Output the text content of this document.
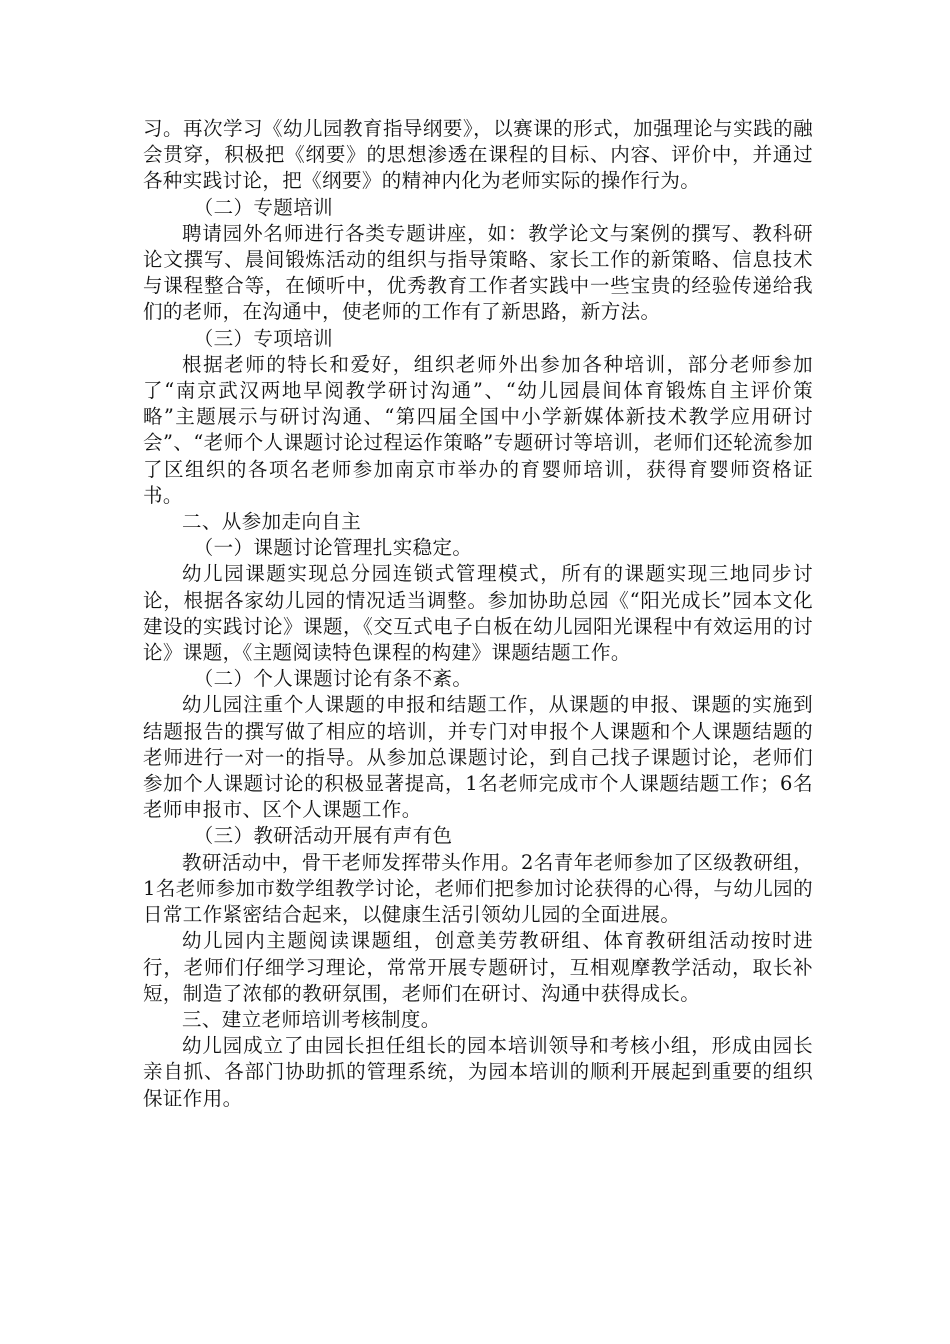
习。再次学习《幼儿园教育指导纲要》，以赛课的形式，加强理论与实践的融会贯穿，积极把《纲要》的思想渗透在课程的目标、内容、评价中，并通过各种实践讨论，把《纲要》的精神内化为老师实际的操作行为。

（二）专题培训

聘请园外名师进行各类专题讲座，如：教学论文与案例的撰写、教科研论文撰写、晨间锻炼活动的组织与指导策略、家长工作的新策略、信息技术与课程整合等，在倾听中，优秀教育工作者实践中一些宝贵的经验传递给我们的老师，在沟通中，使老师的工作有了新思路，新方法。

（三）专项培训

根据老师的特长和爱好，组织老师外出参加各种培训，部分老师参加了“南京武汉两地早阅教学研讨沟通”、“幼儿园晨间体育锻炼自主评价策略”主题展示与研讨沟通、“第四届全国中小学新媒体新技术教学应用研讨会”、“老师个人课题讨论过程运作策略”专题研讨等培训，老师们还轮流参加了区组织的各项名老师参加南京市举办的育婴师培训，获得育婴师资格证书。

二、从参加走向自主

（一）课题讨论管理扎实稳定。

幼儿园课题实现总分园连锁式管理模式，所有的课题实现三地同步讨论，根据各家幼儿园的情况适当调整。参加协助总园《“阳光成长”园本文化建设的实践讨论》课题，《交互式电子白板在幼儿园阳光课程中有效运用的讨论》课题，《主题阅读特色课程的构建》课题结题工作。

（二）个人课题讨论有条不紊。

幼儿园注重个人课题的申报和结题工作，从课题的申报、课题的实施到结题报告的撰写做了相应的培训，并专门对申报个人课题和个人课题结题的老师进行一对一的指导。从参加总课题讨论，到自己找子课题讨论，老师们参加个人课题讨论的积极显著提高，1名老师完成市个人课题结题工作；6名老师申报市、区个人课题工作。

（三）教研活动开展有声有色

教研活动中，骨干老师发挥带头作用。2名青年老师参加了区级教研组，1名老师参加市数学组教学讨论，老师们把参加讨论获得的心得，与幼儿园的日常工作紧密结合起来，以健康生活引领幼儿园的全面进展。

幼儿园内主题阅读课题组，创意美劳教研组、体育教研组活动按时进行，老师们仔细学习理论，常常开展专题研讨，互相观摩教学活动，取长补短，制造了浓郁的教研氛围，老师们在研讨、沟通中获得成长。

三、建立老师培训考核制度。

幼儿园成立了由园长担任组长的园本培训领导和考核小组，形成由园长亲自抓、各部门协助抓的管理系统，为园本培训的顺利开展起到重要的组织保证作用。
